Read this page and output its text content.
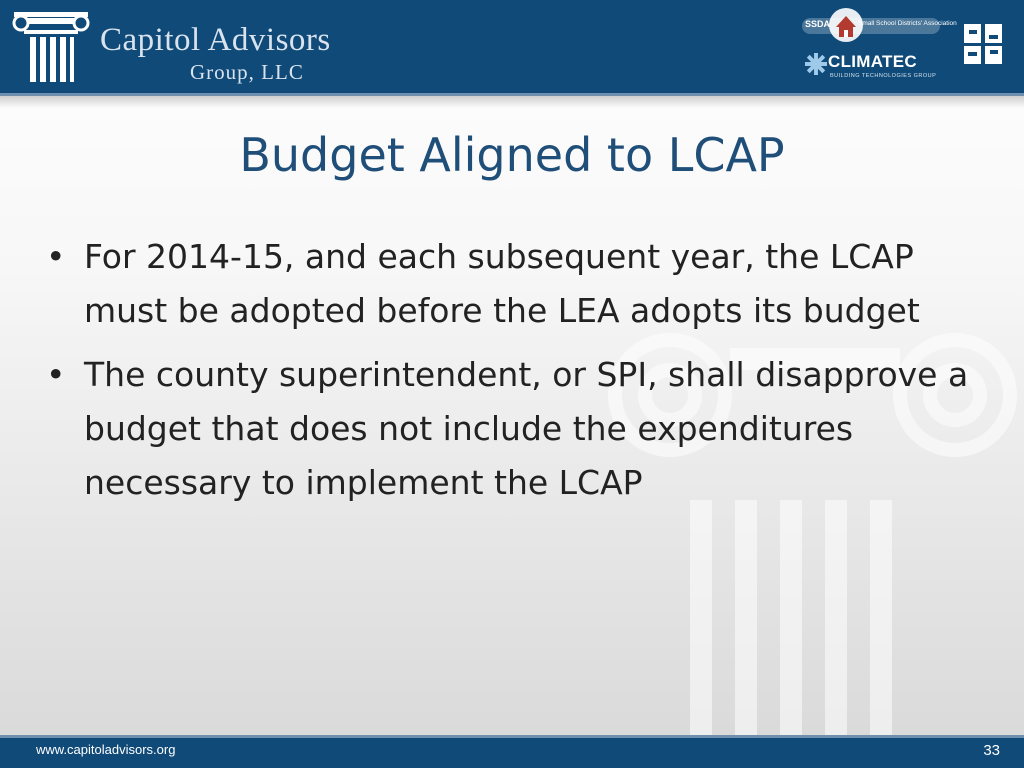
Capitol Advisors
Group, LLC
SSDA	Small School Districts' Association
CLIMATEC
BUILDING TECHNOLOGIES GROUP
Budget Aligned to LCAP
• For 2014-15, and each subsequent year, the LCAP must be adopted before the LEA adopts its budget
• The county superintendent, or SPI, shall disapprove a budget that does not include the expenditures necessary to implement the LCAP
www.capitoladvisors.org	33
